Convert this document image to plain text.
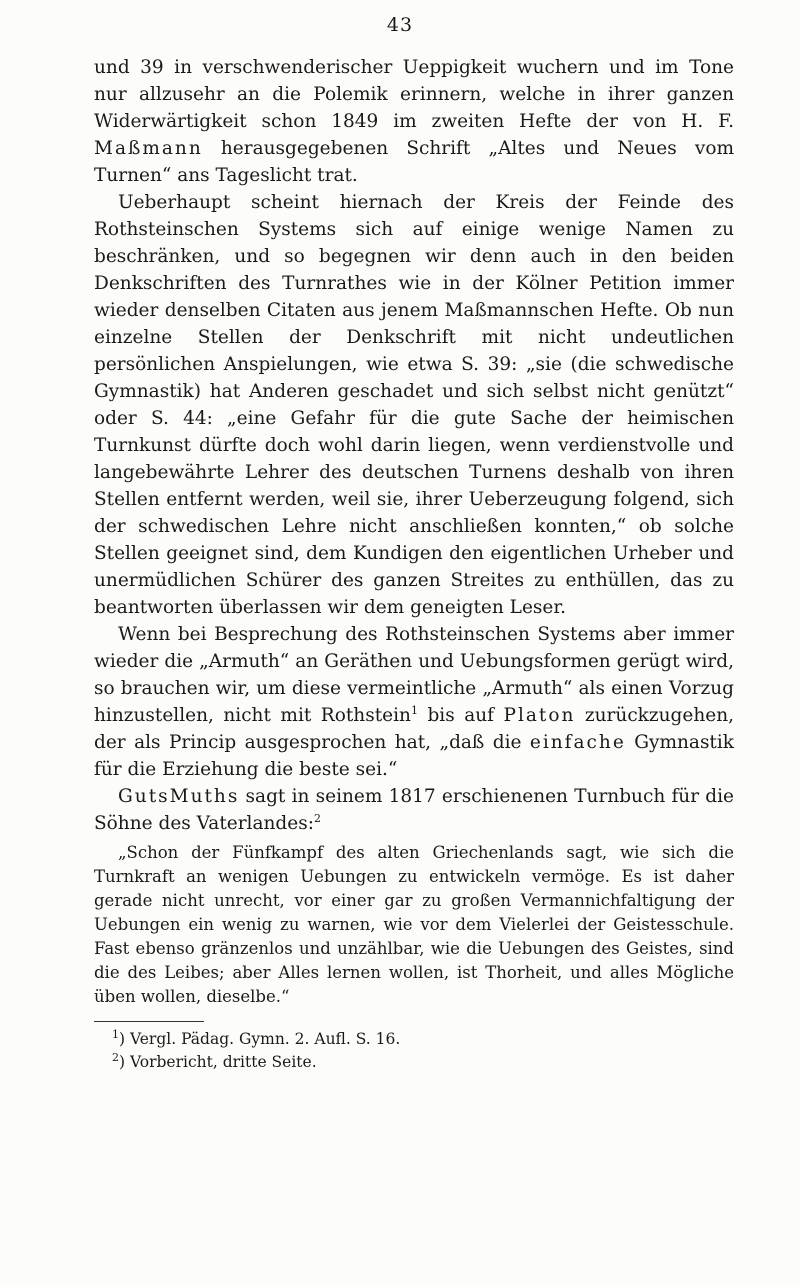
43

und 39 in verschwenderischer Ueppigkeit wuchern und im Tone nur allzusehr an die Polemik erinnern, welche in ihrer ganzen Widerwärtigkeit schon 1849 im zweiten Hefte der von H. F. Maßmann herausgegebenen Schrift „Altes und Neues vom Turnen“ ans Tageslicht trat.

Ueberhaupt scheint hiernach der Kreis der Feinde des Rothsteinschen Systems sich auf einige wenige Namen zu beschränken, und so begegnen wir denn auch in den beiden Denkschriften des Turnrathes wie in der Kölner Petition immer wieder denselben Citaten aus jenem Maßmannschen Hefte. Ob nun einzelne Stellen der Denkschrift mit nicht undeutlichen persönlichen Anspielungen, wie etwa S. 39: „sie (die schwedische Gymnastik) hat Anderen geschadet und sich selbst nicht genützt“ oder S. 44: „eine Gefahr für die gute Sache der heimischen Turnkunst dürfte doch wohl darin liegen, wenn verdienstvolle und langebewährte Lehrer des deutschen Turnens deshalb von ihren Stellen entfernt werden, weil sie, ihrer Ueberzeugung folgend, sich der schwedischen Lehre nicht anschließen konnten,“ ob solche Stellen geeignet sind, dem Kundigen den eigentlichen Urheber und unermüdlichen Schürer des ganzen Streites zu enthüllen, das zu beantworten überlassen wir dem geneigten Leser.

Wenn bei Besprechung des Rothsteinschen Systems aber immer wieder die „Armuth“ an Geräthen und Uebungsformen gerügt wird, so brauchen wir, um diese vermeintliche „Armuth“ als einen Vorzug hinzustellen, nicht mit Rothstein$^1$ bis auf Platon zurückzugehen, der als Princip ausgesprochen hat, „daß die einfache Gymnastik für die Erziehung die beste sei.“

GutsMuths sagt in seinem 1817 erschienenen Turnbuch für die Söhne des Vaterlandes:$^2$

„Schon der Fünfkampf des alten Griechenlands sagt, wie sich die Turnkraft an wenigen Uebungen zu entwickeln vermöge. Es ist daher gerade nicht unrecht, vor einer gar zu großen Vermannichfaltigung der Uebungen ein wenig zu warnen, wie vor dem Vielerlei der Geistesschule. Fast ebenso gränzenlos und unzählbar, wie die Uebungen des Geistes, sind die des Leibes; aber Alles lernen wollen, ist Thorheit, und alles Mögliche üben wollen, dieselbe.“
$^1$) Vergl. Pädag. Gymn. 2. Aufl. S. 16.
$^2$) Vorbericht, dritte Seite.
